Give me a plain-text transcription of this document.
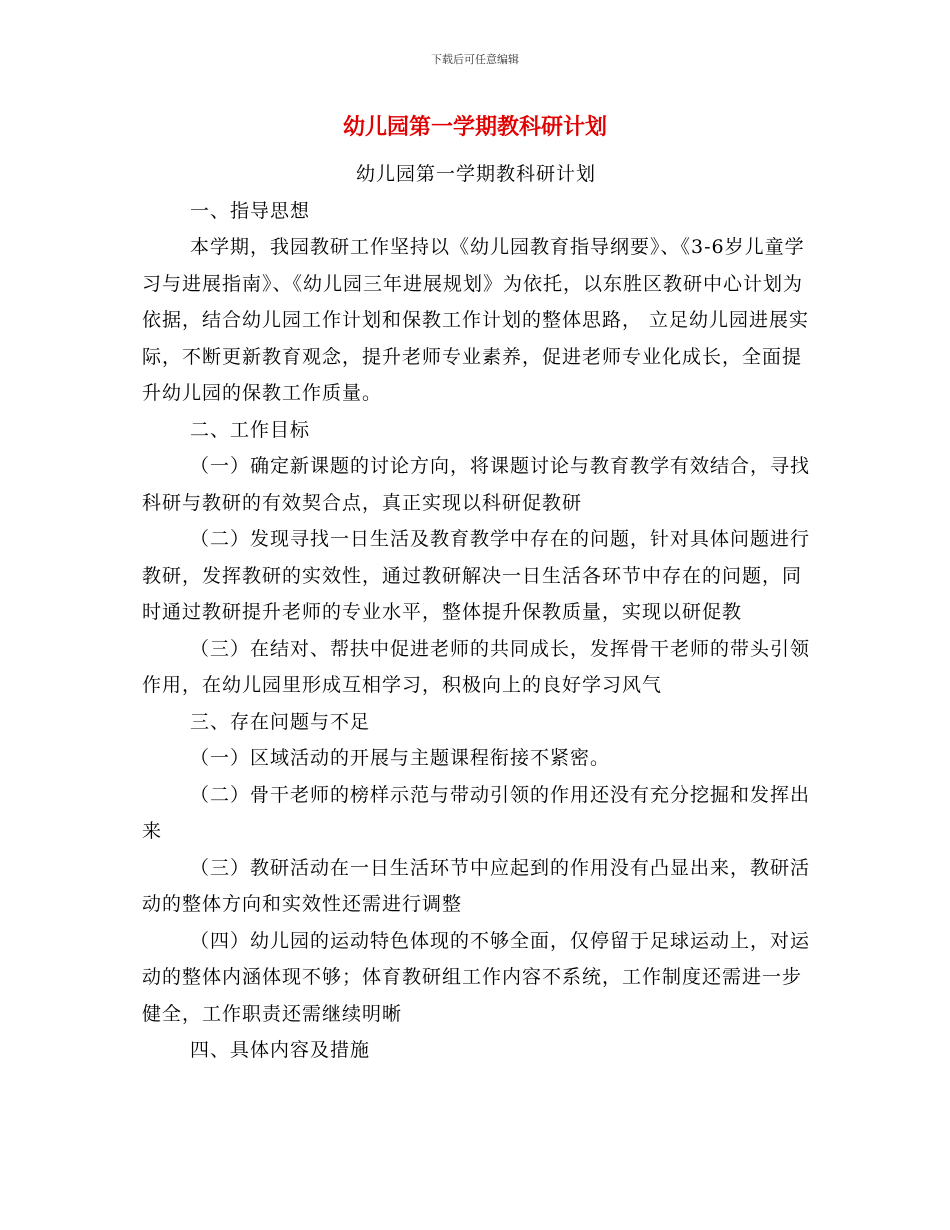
下载后可任意编辑
幼儿园第一学期教科研计划

幼儿园第一学期教科研计划

一、指导思想

本学期，我园教研工作坚持以《幼儿园教育指导纲要》、《3-6岁儿童学习与进展指南》、《幼儿园三年进展规划》为依托，以东胜区教研中心计划为依据，结合幼儿园工作计划和保教工作计划的整体思路， 立足幼儿园进展实际，不断更新教育观念，提升老师专业素养，促进老师专业化成长，全面提升幼儿园的保教工作质量。

二、工作目标

（一）确定新课题的讨论方向，将课题讨论与教育教学有效结合，寻找科研与教研的有效契合点，真正实现以科研促教研

（二）发现寻找一日生活及教育教学中存在的问题，针对具体问题进行教研，发挥教研的实效性，通过教研解决一日生活各环节中存在的问题，同时通过教研提升老师的专业水平，整体提升保教质量，实现以研促教

（三）在结对、帮扶中促进老师的共同成长，发挥骨干老师的带头引领作用，在幼儿园里形成互相学习，积极向上的良好学习风气

三、存在问题与不足

（一）区域活动的开展与主题课程衔接不紧密。

（二）骨干老师的榜样示范与带动引领的作用还没有充分挖掘和发挥出来

（三）教研活动在一日生活环节中应起到的作用没有凸显出来，教研活动的整体方向和实效性还需进行调整

（四）幼儿园的运动特色体现的不够全面，仅停留于足球运动上，对运动的整体内涵体现不够；体育教研组工作内容不系统，工作制度还需进一步健全，工作职责还需继续明晰

四、具体内容及措施
